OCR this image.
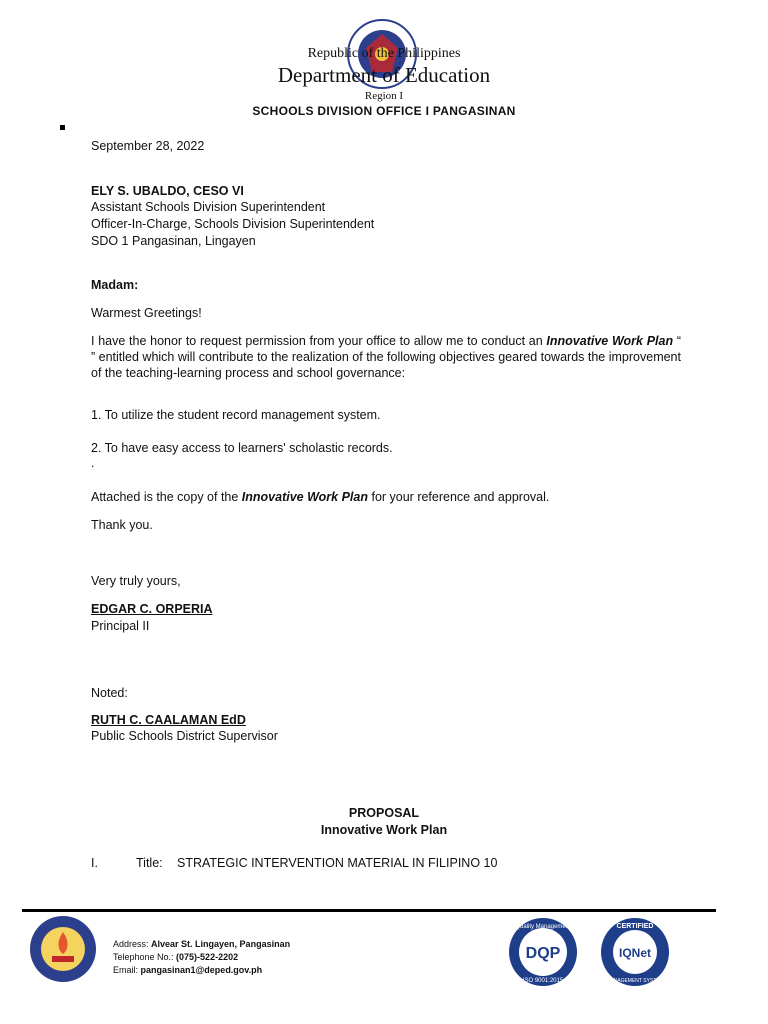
Republic of the Philippines
Department of Education
Region I
SCHOOLS DIVISION OFFICE I PANGASINAN
September 28, 2022
ELY S. UBALDO, CESO VI
Assistant Schools Division Superintendent
Officer-In-Charge, Schools Division Superintendent
SDO 1 Pangasinan, Lingayen
Madam:
Warmest Greetings!
I have the honor to request permission from your office to allow me to conduct an Innovative Work Plan “ ” entitled which will contribute to the realization of the following objectives geared towards the improvement of the teaching-learning process and school governance:
1. To utilize the student record management system.
2. To have easy access to learners' scholastic records.
.
Attached is the copy of the Innovative Work Plan for your reference and approval.
Thank you.
Very truly yours,
EDGAR C. ORPERIA
Principal II
Noted:
RUTH C. CAALAMAN EdD
Public Schools District Supervisor
PROPOSAL
Innovative Work Plan
I.	Title: STRATEGIC INTERVENTION MATERIAL IN FILIPINO 10
Address: Alvear St. Lingayen, Pangasinan
Telephone No.: (075)-522-2202
Email: pangasinan1@deped.gov.ph
DQP
Quality Management
ISO 9001:2015
IQNet
CERTIFIED
MANAGEMENT SYSTEM
